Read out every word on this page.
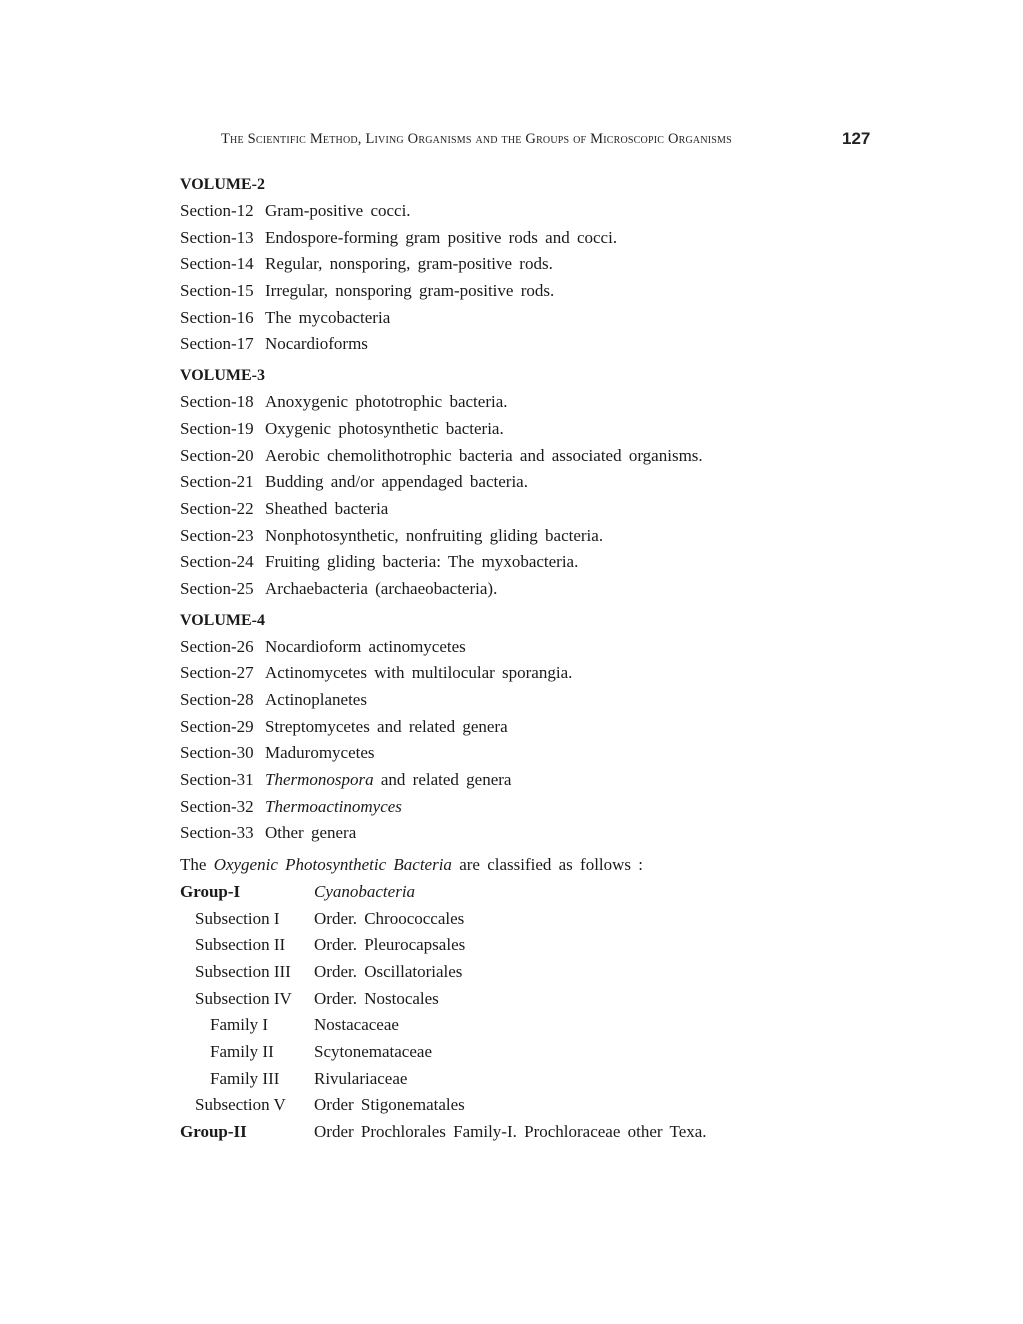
The Scientific Method, Living Organisms and the Groups of Microscopic Organisms	127
VOLUME-2
Section-12 Gram-positive cocci.
Section-13 Endospore-forming gram positive rods and cocci.
Section-14 Regular, nonsporing, gram-positive rods.
Section-15 Irregular, nonsporing gram-positive rods.
Section-16 The mycobacteria
Section-17 Nocardioforms
VOLUME-3
Section-18 Anoxygenic phototrophic bacteria.
Section-19 Oxygenic photosynthetic bacteria.
Section-20 Aerobic chemolithotrophic bacteria and associated organisms.
Section-21 Budding and/or appendaged bacteria.
Section-22 Sheathed bacteria
Section-23 Nonphotosynthetic, nonfruiting gliding bacteria.
Section-24 Fruiting gliding bacteria: The myxobacteria.
Section-25 Archaebacteria (archaeobacteria).
VOLUME-4
Section-26 Nocardioform actinomycetes
Section-27 Actinomycetes with multilocular sporangia.
Section-28 Actinoplanetes
Section-29 Streptomycetes and related genera
Section-30 Maduromycetes
Section-31 Thermonospora and related genera
Section-32 Thermoactinomyces
Section-33 Other genera
The Oxygenic Photosynthetic Bacteria are classified as follows :
Group-I	Cyanobacteria
Subsection I	Order. Chroococcales
Subsection II	Order. Pleurocapsales
Subsection III	Order. Oscillatoriales
Subsection IV	Order. Nostocales
Family I	Nostacaceae
Family II	Scytonemataceae
Family III	Rivulariaceae
Subsection V	Order Stigonematales
Group-II	Order Prochlorales Family-I. Prochloraceae other Texa.
